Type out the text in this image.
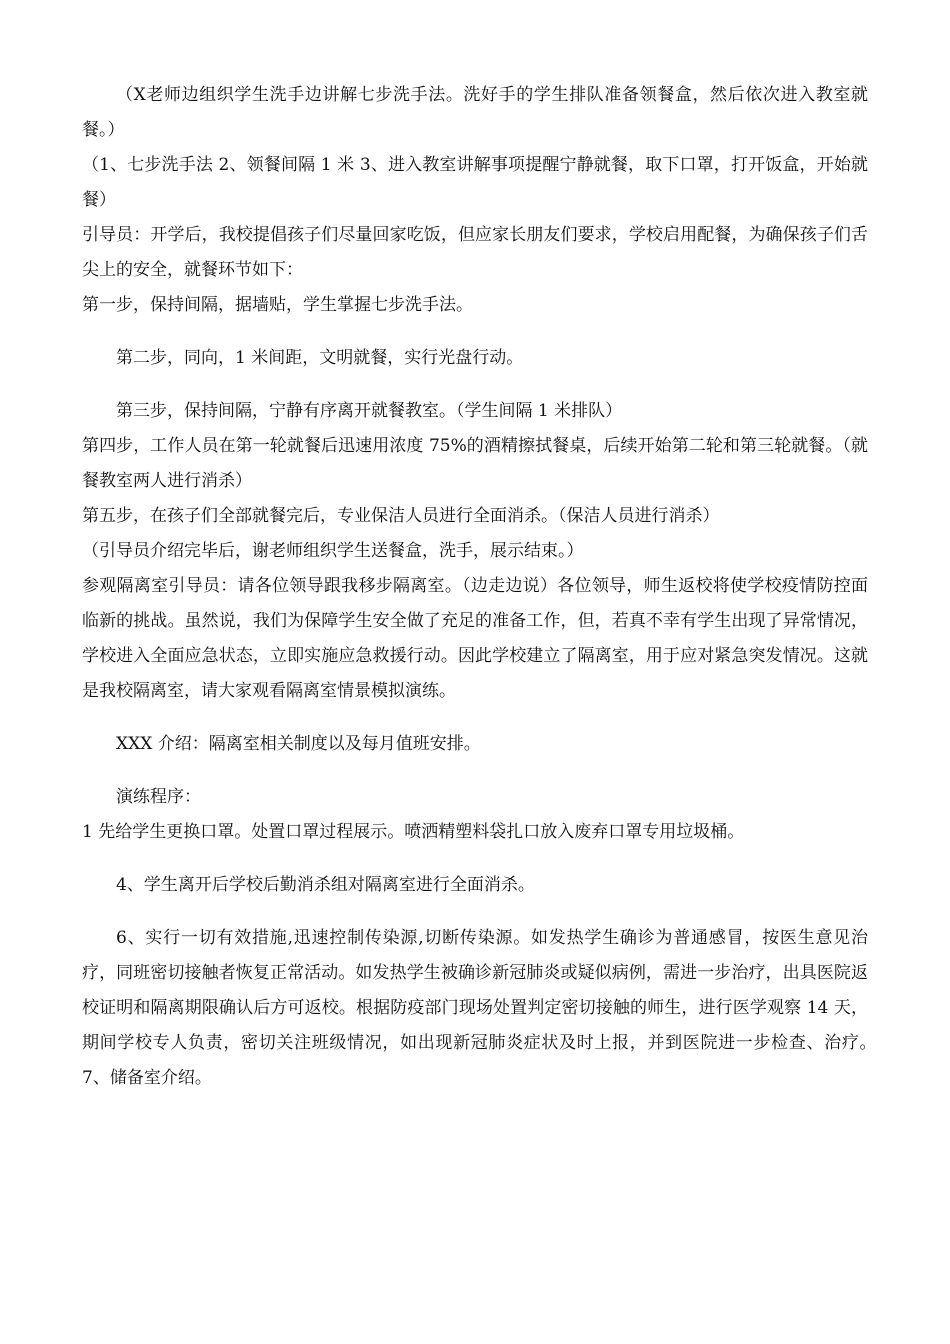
（X老师边组织学生洗手边讲解七步洗手法。洗好手的学生排队准备领餐盒，然后依次进入教室就餐。）

（1、七步洗手法 2、领餐间隔 1 米 3、进入教室讲解事项提醒宁静就餐，取下口罩，打开饭盒，开始就餐）

引导员：开学后，我校提倡孩子们尽量回家吃饭，但应家长朋友们要求，学校启用配餐，为确保孩子们舌尖上的安全，就餐环节如下：

第一步，保持间隔，据墙贴，学生掌握七步洗手法。

第二步，同向，1 米间距，文明就餐，实行光盘行动。

第三步，保持间隔，宁静有序离开就餐教室。（学生间隔 1 米排队）

第四步，工作人员在第一轮就餐后迅速用浓度 75%的酒精擦拭餐桌，后续开始第二轮和第三轮就餐。（就餐教室两人进行消杀）

第五步，在孩子们全部就餐完后，专业保洁人员进行全面消杀。（保洁人员进行消杀）

（引导员介绍完毕后，谢老师组织学生送餐盒，洗手，展示结束。）

参观隔离室引导员：请各位领导跟我移步隔离室。（边走边说）各位领导，师生返校将使学校疫情防控面临新的挑战。虽然说，我们为保障学生安全做了充足的准备工作，但，若真不幸有学生出现了异常情况，学校进入全面应急状态，立即实施应急救援行动。因此学校建立了隔离室，用于应对紧急突发情况。这就是我校隔离室，请大家观看隔离室情景模拟演练。

XXX 介绍：隔离室相关制度以及每月值班安排。

演练程序：

1 先给学生更换口罩。处置口罩过程展示。喷洒精塑料袋扎口放入废弃口罩专用垃圾桶。

4、学生离开后学校后勤消杀组对隔离室进行全面消杀。

6、实行一切有效措施,迅速控制传染源,切断传染源。如发热学生确诊为普通感冒，按医生意见治疗，同班密切接触者恢复正常活动。如发热学生被确诊新冠肺炎或疑似病例，需进一步治疗，出具医院返校证明和隔离期限确认后方可返校。根据防疫部门现场处置判定密切接触的师生，进行医学观察 14 天，期间学校专人负责，密切关注班级情况，如出现新冠肺炎症状及时上报，并到医院进一步检查、治疗。　7、储备室介绍。
